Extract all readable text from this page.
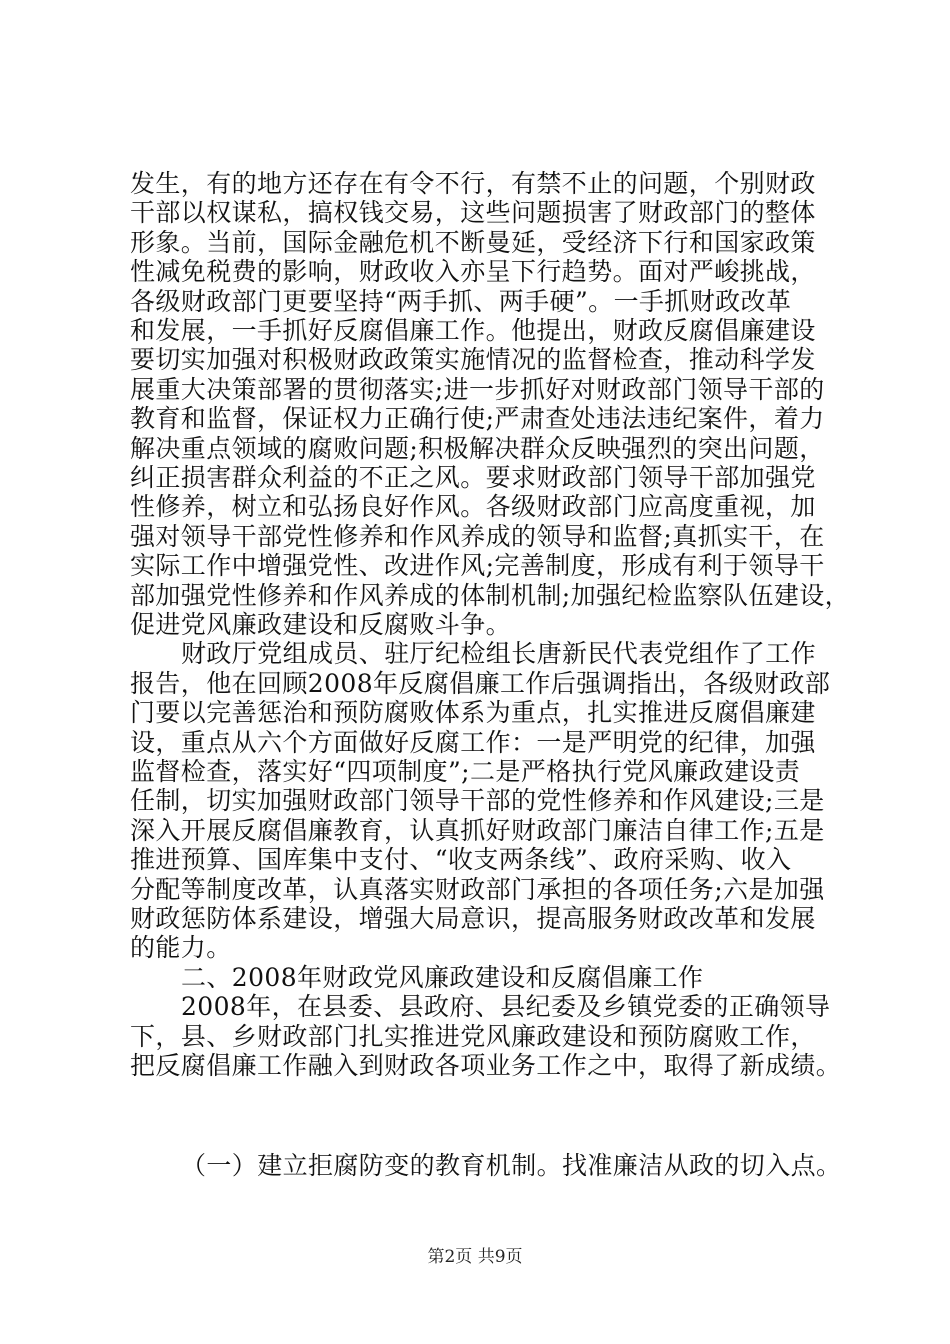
发生，有的地方还存在有令不行，有禁不止的问题，个别财政
干部以权谋私，搞权钱交易，这些问题损害了财政部门的整体
形象。当前，国际金融危机不断曼延，受经济下行和国家政策
性减免税费的影响，财政收入亦呈下行趋势。面对严峻挑战，
各级财政部门更要坚持“两手抓、两手硬”。一手抓财政改革
和发展，一手抓好反腐倡廉工作。他提出，财政反腐倡廉建设
要切实加强对积极财政政策实施情况的监督检查，推动科学发
展重大决策部署的贯彻落实;进一步抓好对财政部门领导干部的
教育和监督，保证权力正确行使;严肃查处违法违纪案件，着力
解决重点领域的腐败问题;积极解决群众反映强烈的突出问题，
纠正损害群众利益的不正之风。要求财政部门领导干部加强党
性修养，树立和弘扬良好作风。各级财政部门应高度重视，加
强对领导干部党性修养和作风养成的领导和监督;真抓实干，在
实际工作中增强党性、改进作风;完善制度，形成有利于领导干
部加强党性修养和作风养成的体制机制;加强纪检监察队伍建设，
促进党风廉政建设和反腐败斗争。
财政厅党组成员、驻厅纪检组长唐新民代表党组作了工作
报告，他在回顾2008年反腐倡廉工作后强调指出，各级财政部
门要以完善惩治和预防腐败体系为重点，扎实推进反腐倡廉建
设，重点从六个方面做好反腐工作：一是严明党的纪律，加强
监督检查，落实好“四项制度”;二是严格执行党风廉政建设责
任制，切实加强财政部门领导干部的党性修养和作风建设;三是
深入开展反腐倡廉教育，认真抓好财政部门廉洁自律工作;五是
推进预算、国库集中支付、“收支两条线”、政府采购、收入
分配等制度改革，认真落实财政部门承担的各项任务;六是加强
财政惩防体系建设，增强大局意识，提高服务财政改革和发展
的能力。
二、2008年财政党风廉政建设和反腐倡廉工作
2008年，在县委、县政府、县纪委及乡镇党委的正确领导
下，县、乡财政部门扎实推进党风廉政建设和预防腐败工作，
把反腐倡廉工作融入到财政各项业务工作之中，取得了新成绩。
（一）建立拒腐防变的教育机制。找准廉洁从政的切入点。
第2页 共9页
